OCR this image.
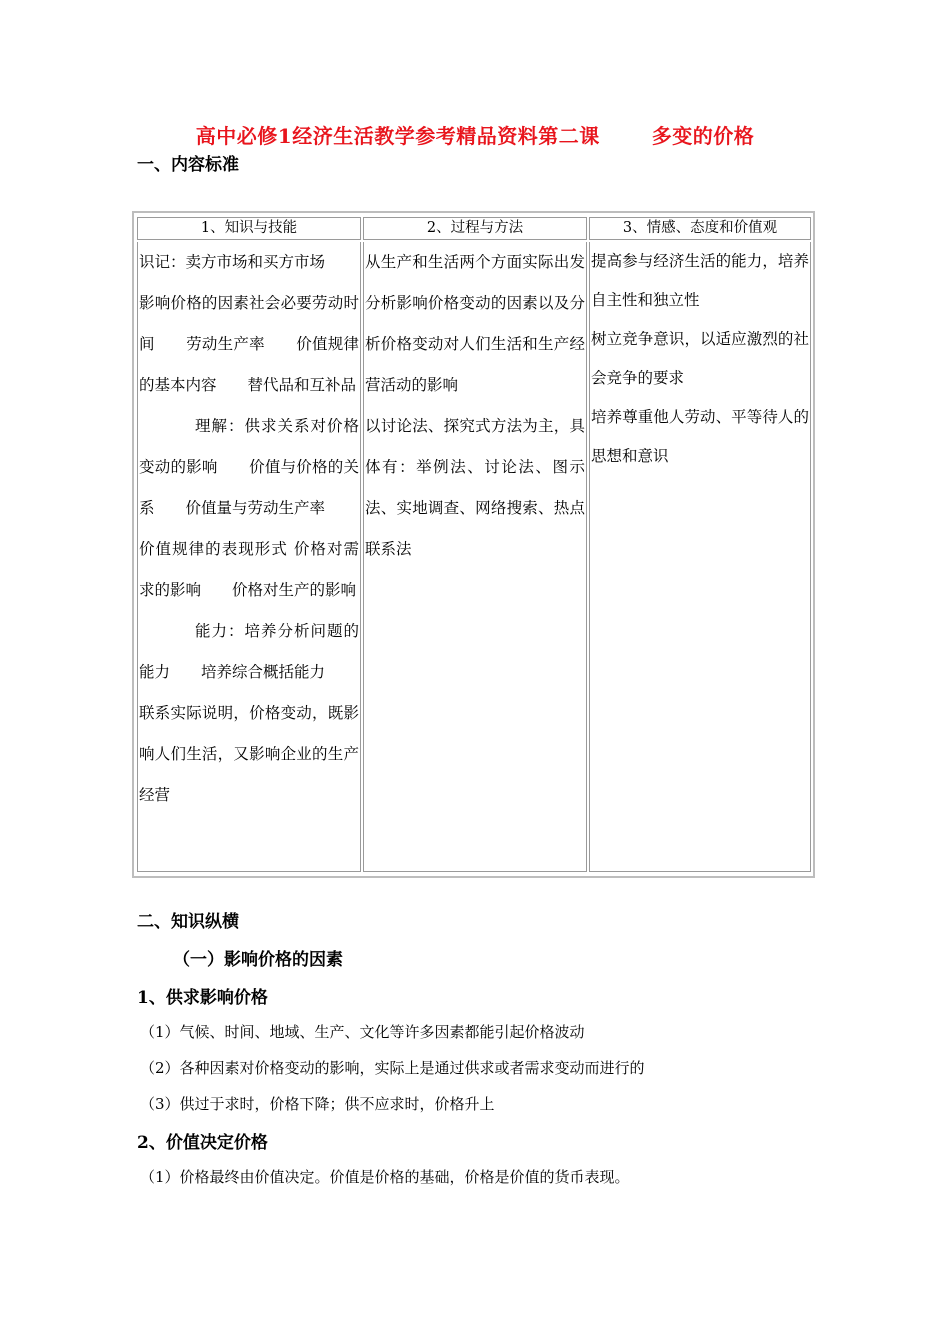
高中必修1经济生活教学参考精品资料第二课	多变的价格
一、内容标准
1、知识与技能

识记：卖方市场和买方市场

影响价格的因素社会必要劳动时间　　劳动生产率　　价值规律的基本内容　　替代品和互补品

理解：供求关系对价格变动的影响　　价值与价格的关系　　价值量与劳动生产率

价值规律的表现形式 价格对需求的影响　　价格对生产的影响

能力：培养分析问题的能力　　培养综合概括能力

联系实际说明，价格变动，既影响人们生活，又影响企业的生产经营

2、过程与方法

从生产和生活两个方面实际出发分析影响价格变动的因素以及分析价格变动对人们生活和生产经营活动的影响

以讨论法、探究式方法为主，具体有：举例法、讨论法、图示法、实地调查、网络搜索、热点联系法

3、情感、态度和价值观

提高参与经济生活的能力，培养自主性和独立性

树立竞争意识，以适应激烈的社会竞争的要求

培养尊重他人劳动、平等待人的思想和意识

二、知识纵横
（一）影响价格的因素
1、供求影响价格
（1）气候、时间、地域、生产、文化等许多因素都能引起价格波动
（2）各种因素对价格变动的影响，实际上是通过供求或者需求变动而进行的
（3）供过于求时，价格下降；供不应求时，价格升上
2、价值决定价格
（1）价格最终由价值决定。价值是价格的基础，价格是价值的货币表现。
